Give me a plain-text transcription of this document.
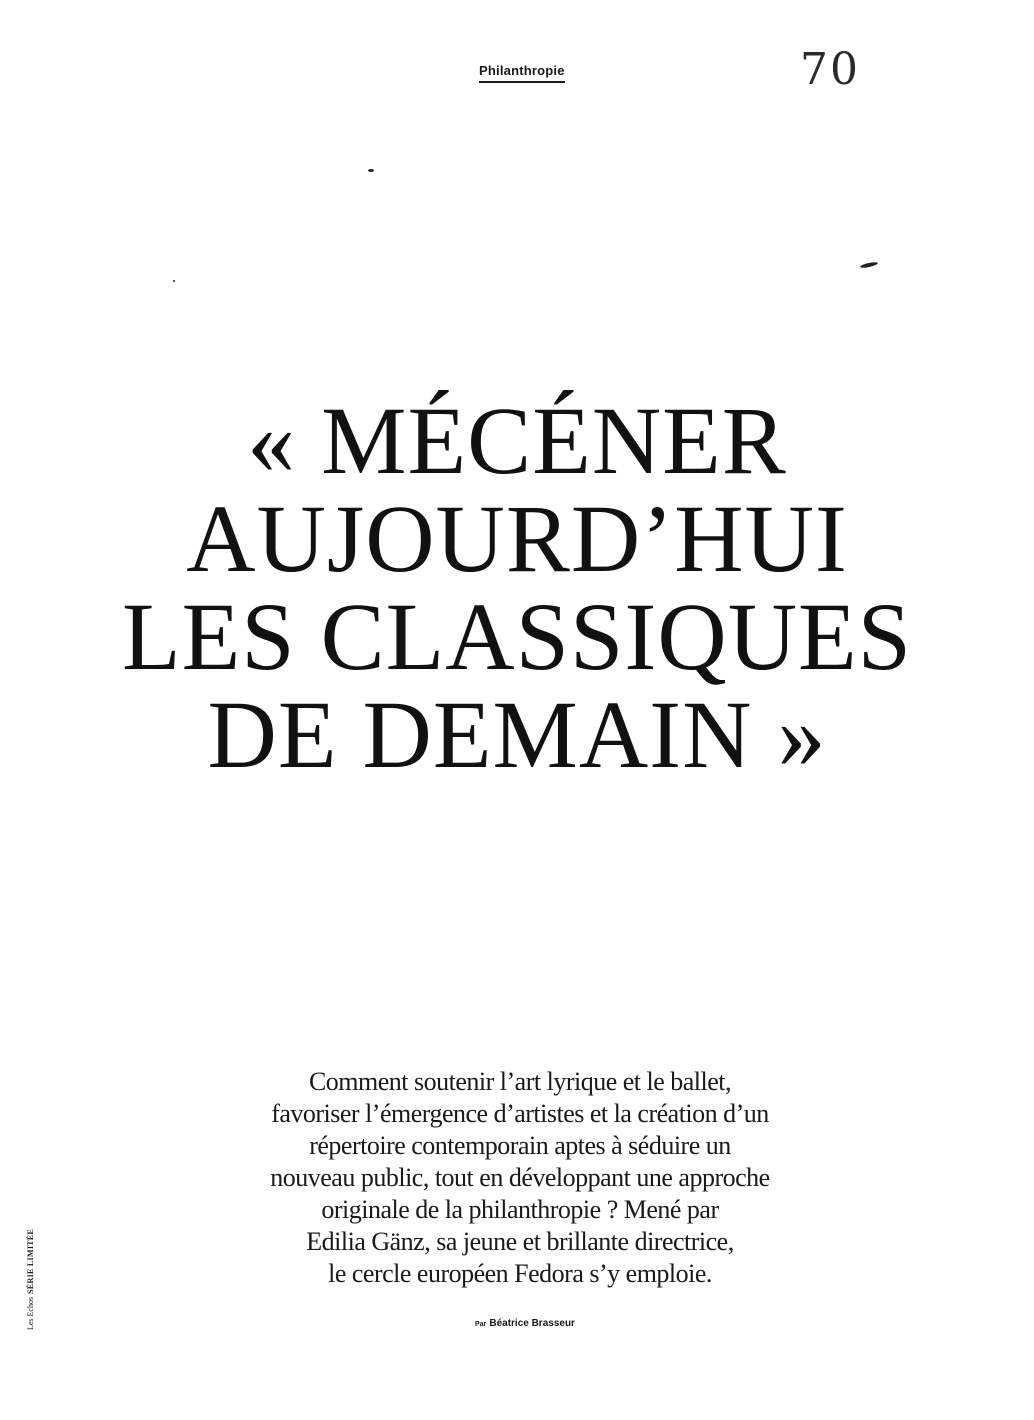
Philanthropie	70
« MÉCÉNER
AUJOURD’HUI
LES CLASSIQUES
DE DEMAIN »

Comment soutenir l’art lyrique et le ballet,
favoriser l’émergence d’artistes et la création d’un
répertoire contemporain aptes à séduire un
nouveau public, tout en développant une approche
originale de la philanthropie ? Mené par
Edilia Gänz, sa jeune et brillante directrice,
le cercle européen Fedora s’y emploie.

Par Béatrice Brasseur
Les EchosSÉRIE LIMITÉE
